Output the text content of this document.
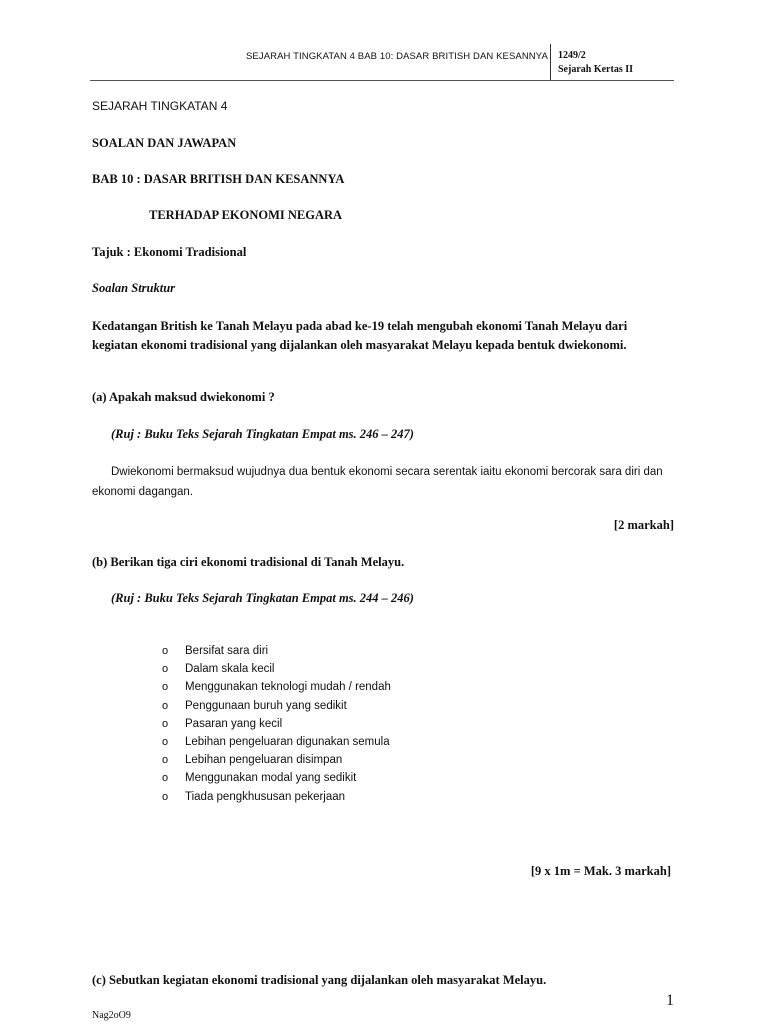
SEJARAH TINGKATAN 4 BAB 10: DASAR BRITISH DAN KESANNYA 1249/2
Sejarah Kertas II
SEJARAH TINGKATAN 4
SOALAN DAN JAWAPAN
BAB 10 : DASAR BRITISH DAN KESANNYA
TERHADAP EKONOMI NEGARA
Tajuk : Ekonomi Tradisional
Soalan Struktur
Kedatangan British ke Tanah Melayu pada abad ke-19 telah mengubah ekonomi Tanah Melayu dari kegiatan ekonomi tradisional yang dijalankan oleh masyarakat Melayu kepada bentuk dwiekonomi.
(a) Apakah maksud dwiekonomi ?
(Ruj : Buku Teks Sejarah Tingkatan Empat ms. 246 – 247)
Dwiekonomi bermaksud wujudnya dua bentuk ekonomi secara serentak iaitu ekonomi bercorak sara diri dan ekonomi dagangan.
[2 markah]
(b) Berikan tiga ciri ekonomi tradisional di Tanah Melayu.
(Ruj : Buku Teks Sejarah Tingkatan Empat ms. 244 – 246)
o Bersifat sara diri
o Dalam skala kecil
o Menggunakan teknologi mudah / rendah
o Penggunaan buruh yang sedikit
o Pasaran yang kecil
o Lebihan pengeluaran digunakan semula
o Lebihan pengeluaran disimpan
o Menggunakan modal yang sedikit
o Tiada pengkhususan pekerjaan
[9 x 1m = Mak. 3 markah]
(c) Sebutkan kegiatan ekonomi tradisional yang dijalankan oleh masyarakat Melayu.
1
Nag2oO9
